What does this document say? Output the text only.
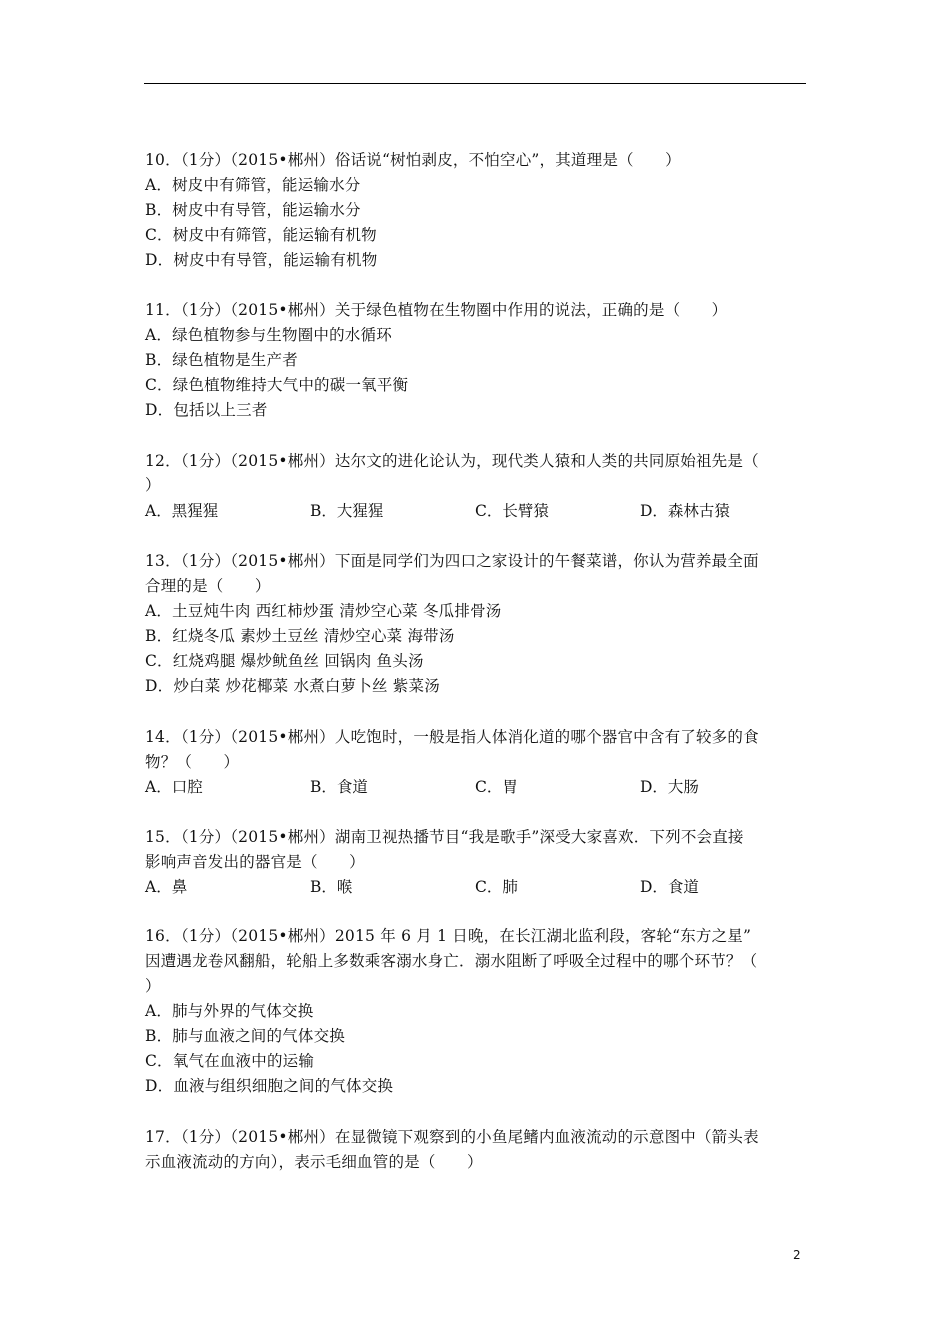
10．（1分）（2015•郴州）俗话说“树怕剥皮，不怕空心”，其道理是（　　）
A．树皮中有筛管，能运输水分
B．树皮中有导管，能运输水分
C．树皮中有筛管，能运输有机物
D．树皮中有导管，能运输有机物
11．（1分）（2015•郴州）关于绿色植物在生物圈中作用的说法，正确的是（　　）
A．绿色植物参与生物圈中的水循环
B．绿色植物是生产者
C．绿色植物维持大气中的碳一氧平衡
D．包括以上三者
12．（1分）（2015•郴州）达尔文的进化论认为，现代类人猿和人类的共同原始祖先是（
）
A．黑猩猩	B．大猩猩	C．长臂猿	D．森林古猿
13．（1分）（2015•郴州）下面是同学们为四口之家设计的午餐菜谱，你认为营养最全面
合理的是（　　）
A．土豆炖牛肉 西红柿炒蛋 清炒空心菜 冬瓜排骨汤
B．红烧冬瓜 素炒土豆丝 清炒空心菜 海带汤
C．红烧鸡腿 爆炒鱿鱼丝 回锅肉 鱼头汤
D．炒白菜 炒花椰菜 水煮白萝卜丝 紫菜汤
14．（1分）（2015•郴州）人吃饱时，一般是指人体消化道的哪个器官中含有了较多的食
物？（　　）
A．口腔	B．食道	C．胃	D．大肠
15．（1分）（2015•郴州）湖南卫视热播节目“我是歌手”深受大家喜欢．下列不会直接
影响声音发出的器官是（　　）
A．鼻	B．喉	C．肺	D．食道
16．（1分）（2015•郴州）2015 年 6 月 1 日晚，在长江湖北监利段，客轮“东方之星”
因遭遇龙卷风翻船，轮船上多数乘客溺水身亡．溺水阻断了呼吸全过程中的哪个环节？（
）
A．肺与外界的气体交换
B．肺与血液之间的气体交换
C．氧气在血液中的运输
D．血液与组织细胞之间的气体交换
17．（1分）（2015•郴州）在显微镜下观察到的小鱼尾鳍内血液流动的示意图中（箭头表
示血液流动的方向），表示毛细血管的是（　　）
2
